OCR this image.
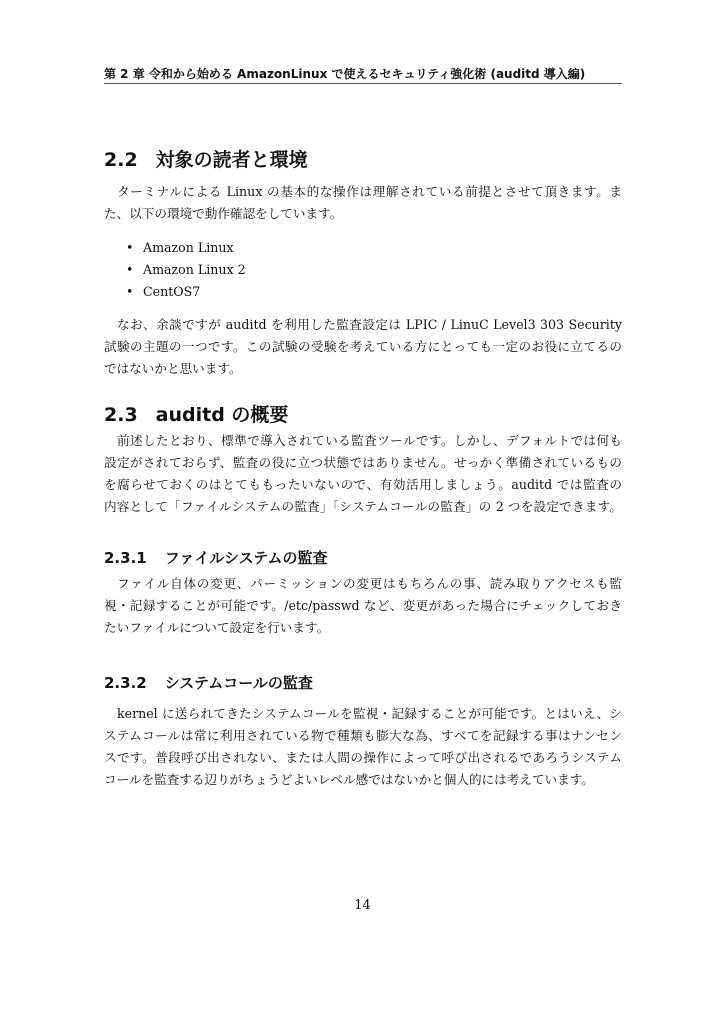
第 2 章 令和から始める AmazonLinux で使えるセキュリティ強化術 (auditd 導入編)
2.2 対象の読者と環境
ターミナルによる Linux の基本的な操作は理解されている前提とさせて頂きます。ま
た、以下の環境で動作確認をしています。
• Amazon Linux
• Amazon Linux 2
• CentOS7
なお、余談ですが auditd を利用した監査設定は LPIC / LinuC Level3 303 Security
試験の主題の一つです。この試験の受験を考えている方にとっても一定のお役に立てるの
ではないかと思います。
2.3 auditd の概要
前述したとおり、標準で導入されている監査ツールです。しかし、デフォルトでは何も
設定がされておらず、監査の役に立つ状態ではありません。せっかく準備されているもの
を腐らせておくのはとてももったいないので、有効活用しましょう。auditd では監査の
内容として「ファイルシステムの監査」「システムコールの監査」の 2 つを設定できます。
2.3.1 ファイルシステムの監査
ファイル自体の変更、パーミッションの変更はもちろんの事、読み取りアクセスも監
視・記録することが可能です。/etc/passwd など、変更があった場合にチェックしておき
たいファイルについて設定を行います。
2.3.2 システムコールの監査
kernel に送られてきたシステムコールを監視・記録することが可能です。とはいえ、シ
ステムコールは常に利用されている物で種類も膨大な為、すべてを記録する事はナンセン
スです。普段呼び出されない、または人間の操作によって呼び出されるであろうシステム
コールを監査する辺りがちょうどよいレベル感ではないかと個人的には考えています。
14
